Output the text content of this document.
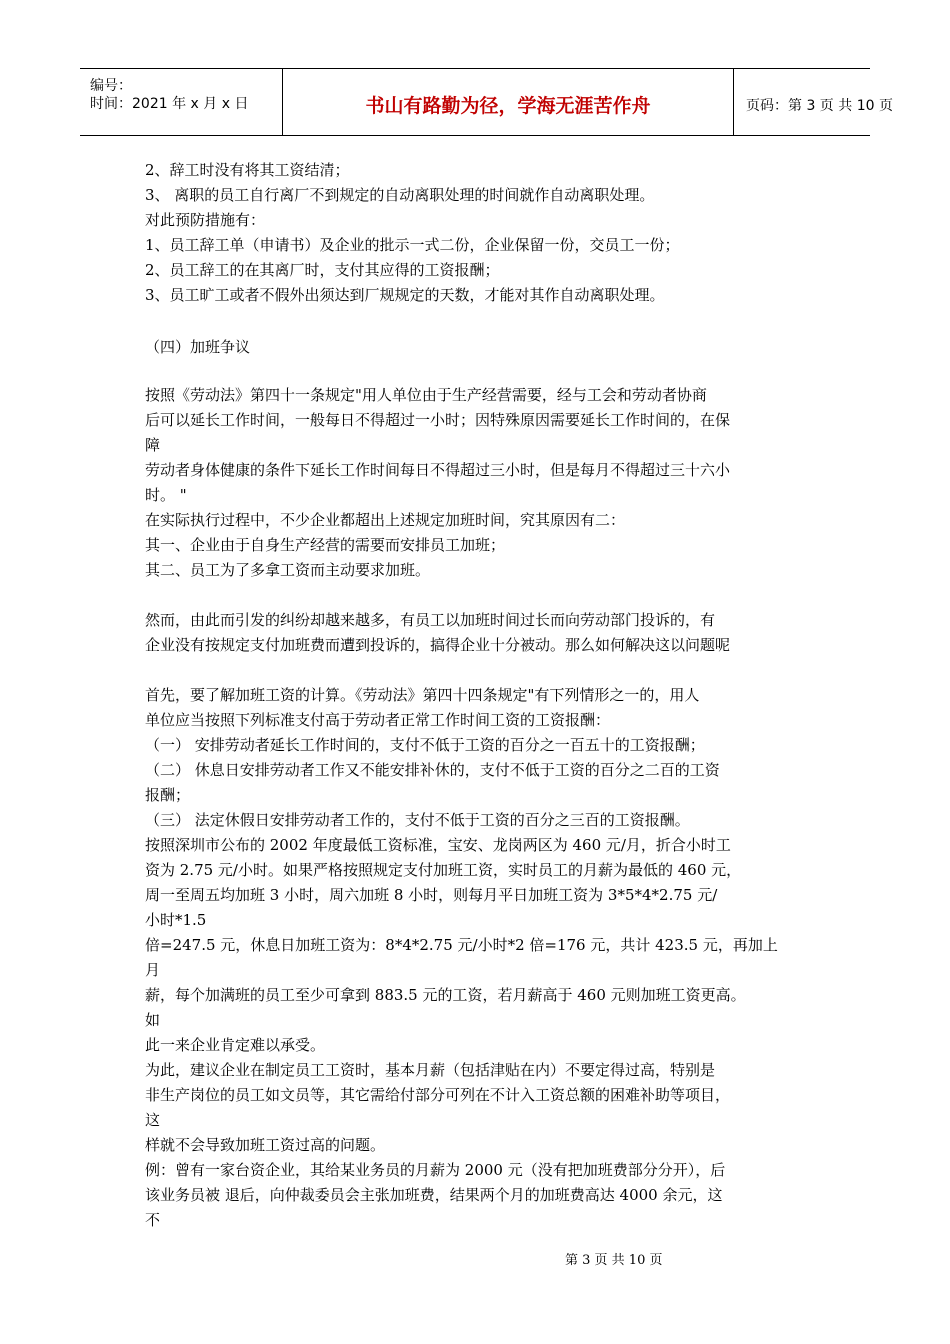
编号：
时间：2021 年 x 月 x 日	书山有路勤为径，学海无涯苦作舟	页码：第 3 页 共 10 页
2、辞工时没有将其工资结清；
3、 离职的员工自行离厂不到规定的自动离职处理的时间就作自动离职处理。
对此预防措施有：
1、员工辞工单（申请书）及企业的批示一式二份，企业保留一份，交员工一份；
2、员工辞工的在其离厂时，支付其应得的工资报酬；
3、员工旷工或者不假外出须达到厂规规定的天数，才能对其作自动离职处理。
（四）加班争议
按照《劳动法》第四十一条规定"用人单位由于生产经营需要，经与工会和劳动者协商
后可以延长工作时间，一般每日不得超过一小时；因特殊原因需要延长工作时间的，在保
障
劳动者身体健康的条件下延长工作时间每日不得超过三小时，但是每月不得超过三十六小
时。 "
在实际执行过程中，不少企业都超出上述规定加班时间，究其原因有二：
其一、企业由于自身生产经营的需要而安排员工加班；
其二、员工为了多拿工资而主动要求加班。
然而，由此而引发的纠纷却越来越多，有员工以加班时间过长而向劳动部门投诉的，有
企业没有按规定支付加班费而遭到投诉的，搞得企业十分被动。那么如何解决这以问题呢
首先，要了解加班工资的计算。《劳动法》第四十四条规定"有下列情形之一的，用人
单位应当按照下列标准支付高于劳动者正常工作时间工资的工资报酬：
（一） 安排劳动者延长工作时间的，支付不低于工资的百分之一百五十的工资报酬；
（二） 休息日安排劳动者工作又不能安排补休的，支付不低于工资的百分之二百的工资
报酬；
（三） 法定休假日安排劳动者工作的，支付不低于工资的百分之三百的工资报酬。
按照深圳市公布的 2002 年度最低工资标准，宝安、龙岗两区为 460 元/月，折合小时工
资为 2.75 元/小时。如果严格按照规定支付加班工资，实时员工的月薪为最低的 460 元，
周一至周五均加班 3 小时，周六加班 8 小时，则每月平日加班工资为 3*5*4*2.75 元/
小时*1.5
倍=247.5 元，休息日加班工资为：8*4*2.75 元/小时*2 倍=176 元，共计 423.5 元，再加上
月
薪，每个加满班的员工至少可拿到 883.5 元的工资，若月薪高于 460 元则加班工资更高。
如
此一来企业肯定难以承受。
为此，建议企业在制定员工工资时，基本月薪（包括津贴在内）不要定得过高，特别是
非生产岗位的员工如文员等，其它需给付部分可列在不计入工资总额的困难补助等项目，
这
样就不会导致加班工资过高的问题。
例：曾有一家台资企业，其给某业务员的月薪为 2000 元（没有把加班费部分分开），后
该业务员被 退后，向仲裁委员会主张加班费，结果两个月的加班费高达 4000 余元，这
不
第 3 页 共 10 页
